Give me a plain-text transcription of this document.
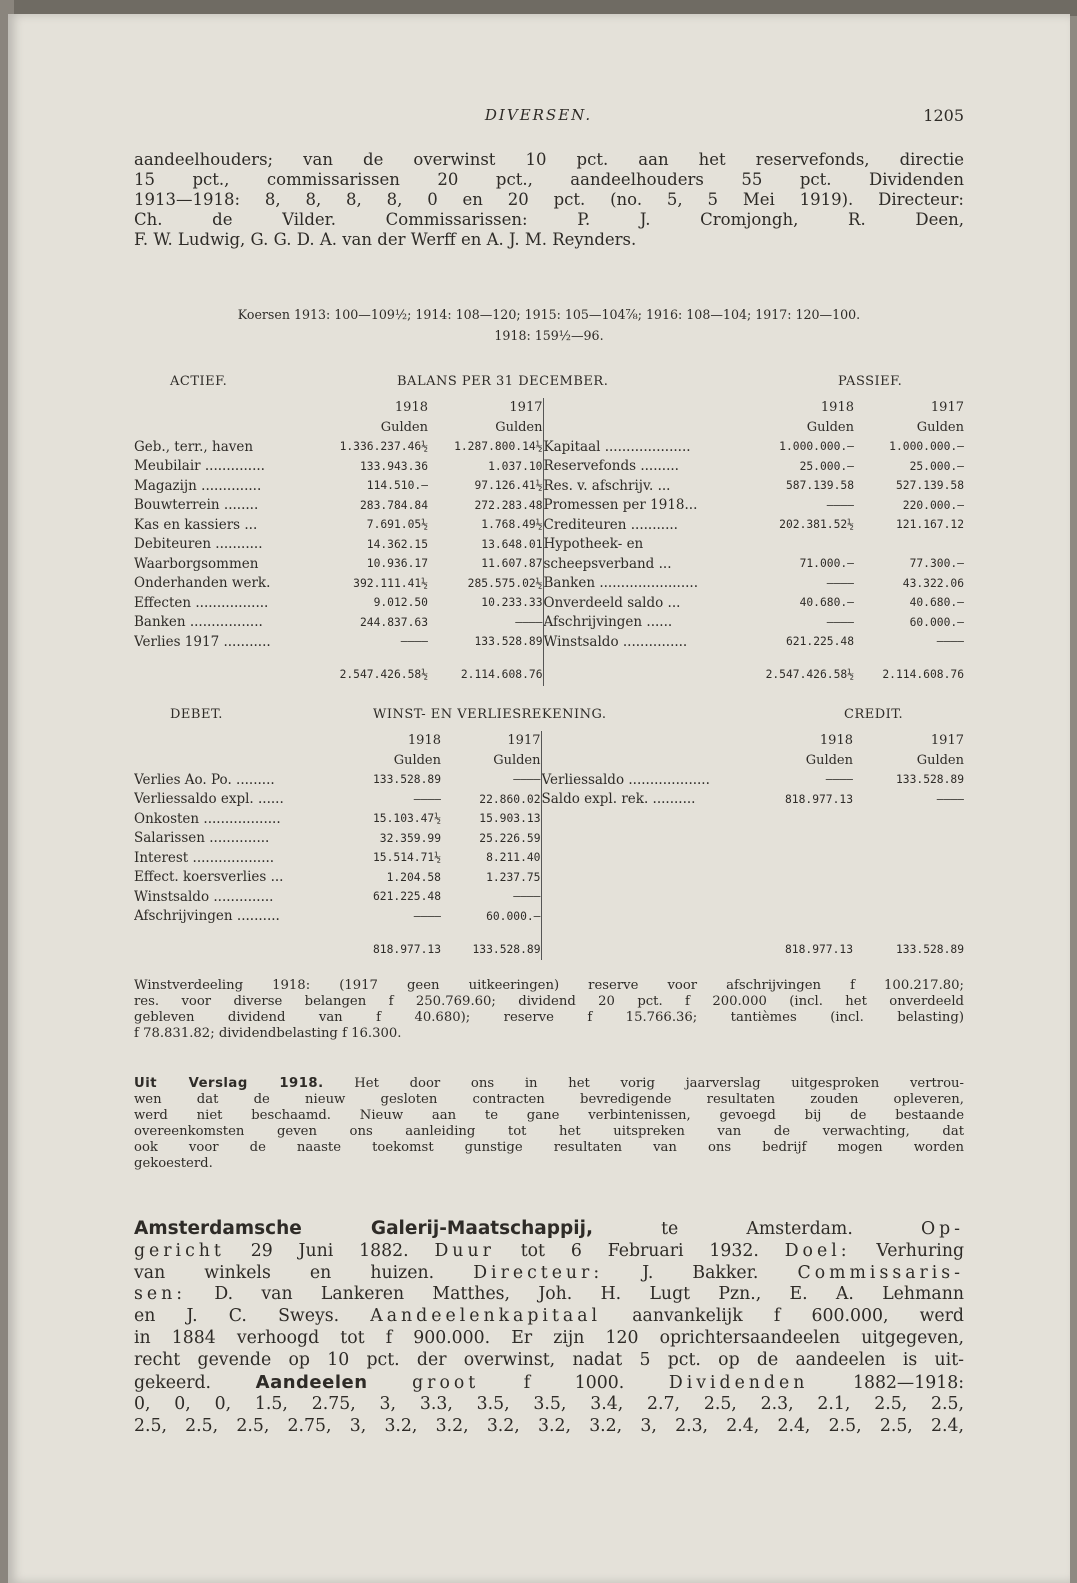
DIVERSEN.	1205
aandeelhouders; van de overwinst 10 pct. aan het reservefonds, directie
15 pct., commissarissen 20 pct., aandeelhouders 55 pct. Dividenden
1913—1918: 8, 8, 8, 8, 0 en 20 pct. (no. 5, 5 Mei 1919). Directeur:
Ch. de Vilder. Commissarissen: P. J. Cromjongh, R. Deen,
F. W. Ludwig, G. G. D. A. van der Werff en A. J. M. Reynders.
Koersen 1913: 100—109½; 1914: 108—120; 1915: 105—104⅞; 1916: 108—104; 1917: 120—100.
1918: 159½—96.
ACTIEF.	BALANS PER 31 DECEMBER.	PASSIEF.
	1918	1917		1918	1917
	Gulden	Gulden		Gulden	Gulden
Geb., terr., haven	1.336.237.46½	1.287.800.14½	Kapitaal ....................	1.000.000.—	1.000.000.—
Meubilair ..............	133.943.36	1.037.10	Reservefonds .........	25.000.—	25.000.—
Magazijn ..............	114.510.—	97.126.41½	Res. v. afschrijv. ...	587.139.58	527.139.58
Bouwterrein ........	283.784.84	272.283.48	Promessen per 1918...	————	220.000.—
Kas en kassiers ...	7.691.05½	1.768.49½	Crediteuren ...........	202.381.52½	121.167.12
Debiteuren ...........	14.362.15	13.648.01	Hypotheek- en		
Waarborgsommen	10.936.17	11.607.87	scheepsverband ...	71.000.—	77.300.—
Onderhanden werk.	392.111.41½	285.575.02½	Banken .......................	————	43.322.06
Effecten .................	9.012.50	10.233.33	Onverdeeld saldo ...	40.680.—	40.680.—
Banken .................	244.837.63	————	Afschrijvingen ......	————	60.000.—
Verlies 1917 ...........	————	133.528.89	Winstsaldo ...............	621.225.48	————

	2.547.426.58½	2.114.608.76		2.547.426.58½	2.114.608.76
DEBET.	WINST- EN VERLIESREKENING.	CREDIT.
	1918	1917		1918	1917
	Gulden	Gulden		Gulden	Gulden
Verlies Ao. Po. .........	133.528.89	————	Verliessaldo ...................	————	133.528.89
Verliessaldo expl. ......	————	22.860.02	Saldo expl. rek. ..........	818.977.13	————
Onkosten ..................	15.103.47½	15.903.13			
Salarissen ..............	32.359.99	25.226.59			
Interest ...................	15.514.71½	8.211.40			
Effect. koersverlies ...	1.204.58	1.237.75			
Winstsaldo ..............	621.225.48	————			
Afschrijvingen ..........	————	60.000.—			

	818.977.13	133.528.89		818.977.13	133.528.89
Winstverdeeling 1918: (1917 geen uitkeeringen) reserve voor afschrijvingen f 100.217.80;
res. voor diverse belangen f 250.769.60; dividend 20 pct. f 200.000 (incl. het onverdeeld
gebleven dividend van f 40.680); reserve f 15.766.36; tantièmes (incl. belasting)
f 78.831.82; dividendbelasting f 16.300.
Uit Verslag 1918. Het door ons in het vorig jaarverslag uitgesproken vertrou-
wen dat de nieuw gesloten contracten bevredigende resultaten zouden opleveren,
werd niet beschaamd. Nieuw aan te gane verbintenissen, gevoegd bij de bestaande
overeenkomsten geven ons aanleiding tot het uitspreken van de verwachting, dat
ook voor de naaste toekomst gunstige resultaten van ons bedrijf mogen worden
gekoesterd.
Amsterdamsche Galerij-Maatschappij,	te Amsterdam.	Op-
gericht 29 Juni 1882. Duur tot 6 Februari 1932. Doel: Verhuring
van winkels en huizen. Directeur: J. Bakker. Commissaris-
sen: D. van Lankeren Matthes, Joh. H. Lugt Pzn., E. A. Lehmann
en J. C. Sweys. Aandeelenkapitaal aanvankelijk f 600.000, werd
in 1884 verhoogd tot f 900.000. Er zijn 120 oprichtersaandeelen uitgegeven,
recht gevende op 10 pct. der overwinst, nadat 5 pct. op de aandeelen is uit-
gekeerd. Aandeelen	groot	f 1000.	Dividenden	1882—1918:
0, 0, 0, 1.5, 2.75, 3, 3.3, 3.5, 3.5, 3.4, 2.7, 2.5, 2.3, 2.1, 2.5, 2.5,
2.5, 2.5, 2.5, 2.75, 3, 3.2, 3.2, 3.2, 3.2, 3.2, 3, 2.3, 2.4, 2.4, 2.5, 2.5, 2.4,
